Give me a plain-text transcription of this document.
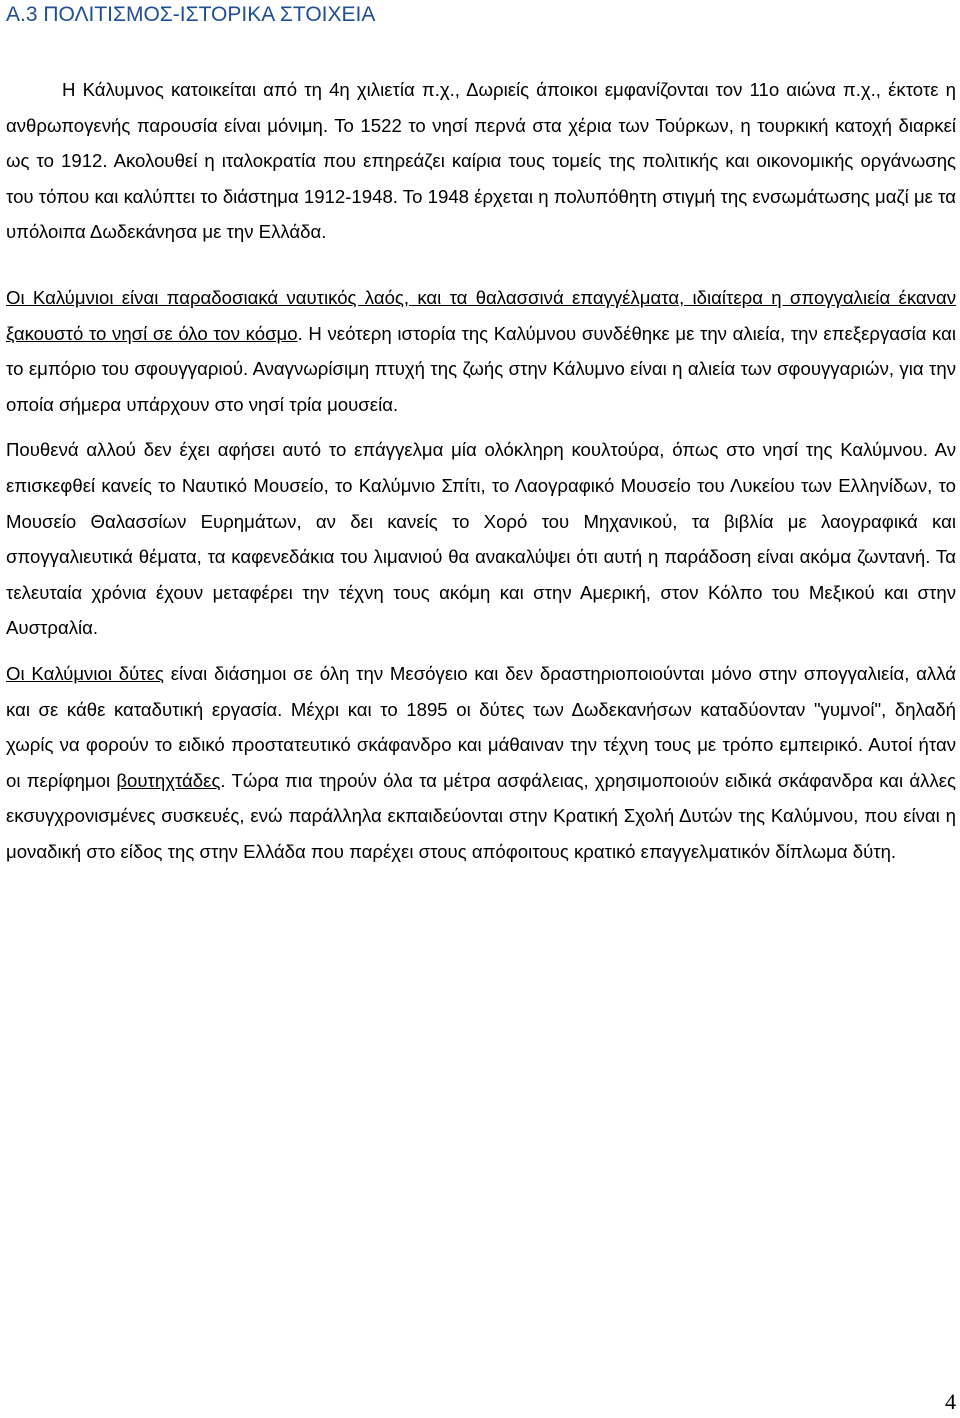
Α.3 ΠΟΛΙΤΙΣΜΟΣ-ΙΣΤΟΡΙΚΑ ΣΤΟΙΧΕΙΑ

Η Κάλυμνος κατοικείται από τη 4η χιλιετία π.χ., Δωριείς άποικοι εμφανίζονται τον 11ο αιώνα π.χ., έκτοτε η ανθρωπογενής παρουσία είναι μόνιμη. Το 1522 το νησί περνά στα χέρια των Τούρκων, η τουρκική κατοχή διαρκεί ως το 1912. Ακολουθεί η ιταλοκρατία που επηρεάζει καίρια τους τομείς της πολιτικής και οικονομικής οργάνωσης του τόπου και καλύπτει το διάστημα 1912-1948. Το 1948 έρχεται η πολυπόθητη στιγμή της ενσωμάτωσης μαζί με τα υπόλοιπα Δωδεκάνησα με την Ελλάδα.

Οι Καλύμνιοι είναι παραδοσιακά ναυτικός λαός, και τα θαλασσινά επαγγέλματα, ιδιαίτερα η σπογγαλιεία έκαναν ξακουστό το νησί σε όλο τον κόσμο. Η νεότερη ιστορία της Καλύμνου συνδέθηκε με την αλιεία, την επεξεργασία και το εμπόριο του σφουγγαριού. Αναγνωρίσιμη πτυχή της ζωής στην Κάλυμνο είναι η αλιεία των σφουγγαριών, για την οποία σήμερα υπάρχουν στο νησί τρία μουσεία.

Πουθενά αλλού δεν έχει αφήσει αυτό το επάγγελμα μία ολόκληρη κουλτούρα, όπως στο νησί της Καλύμνου. Αν επισκεφθεί κανείς το Ναυτικό Μουσείο, το Καλύμνιο Σπίτι, το Λαογραφικό Μουσείο του Λυκείου των Ελληνίδων, το Μουσείο Θαλασσίων Ευρημάτων, αν δει κανείς το Χορό του Μηχανικού, τα βιβλία με λαογραφικά και σπογγαλιευτικά θέματα, τα καφενεδάκια του λιμανιού θα ανακαλύψει ότι αυτή η παράδοση είναι ακόμα ζωντανή. Τα τελευταία χρόνια έχουν μεταφέρει την τέχνη τους ακόμη και στην Αμερική, στον Κόλπο του Μεξικού και στην Αυστραλία.

Οι Καλύμνιοι δύτες είναι διάσημοι σε όλη την Μεσόγειο και δεν δραστηριοποιούνται μόνο στην σπογγαλιεία, αλλά και σε κάθε καταδυτική εργασία. Μέχρι και το 1895 οι δύτες των Δωδεκανήσων καταδύονταν "γυμνοί", δηλαδή χωρίς να φορούν το ειδικό προστατευτικό σκάφανδρο και μάθαιναν την τέχνη τους με τρόπο εμπειρικό. Αυτοί ήταν οι περίφημοι βουτηχτάδες. Τώρα πια τηρούν όλα τα μέτρα ασφάλειας, χρησιμοποιούν ειδικά σκάφανδρα και άλλες εκσυγχρονισμένες συσκευές, ενώ παράλληλα εκπαιδεύονται στην Κρατική Σχολή Δυτών της Καλύμνου, που είναι η μοναδική στο είδος της στην Ελλάδα που παρέχει στους απόφοιτους κρατικό επαγγελματικόν δίπλωμα δύτη.

4
